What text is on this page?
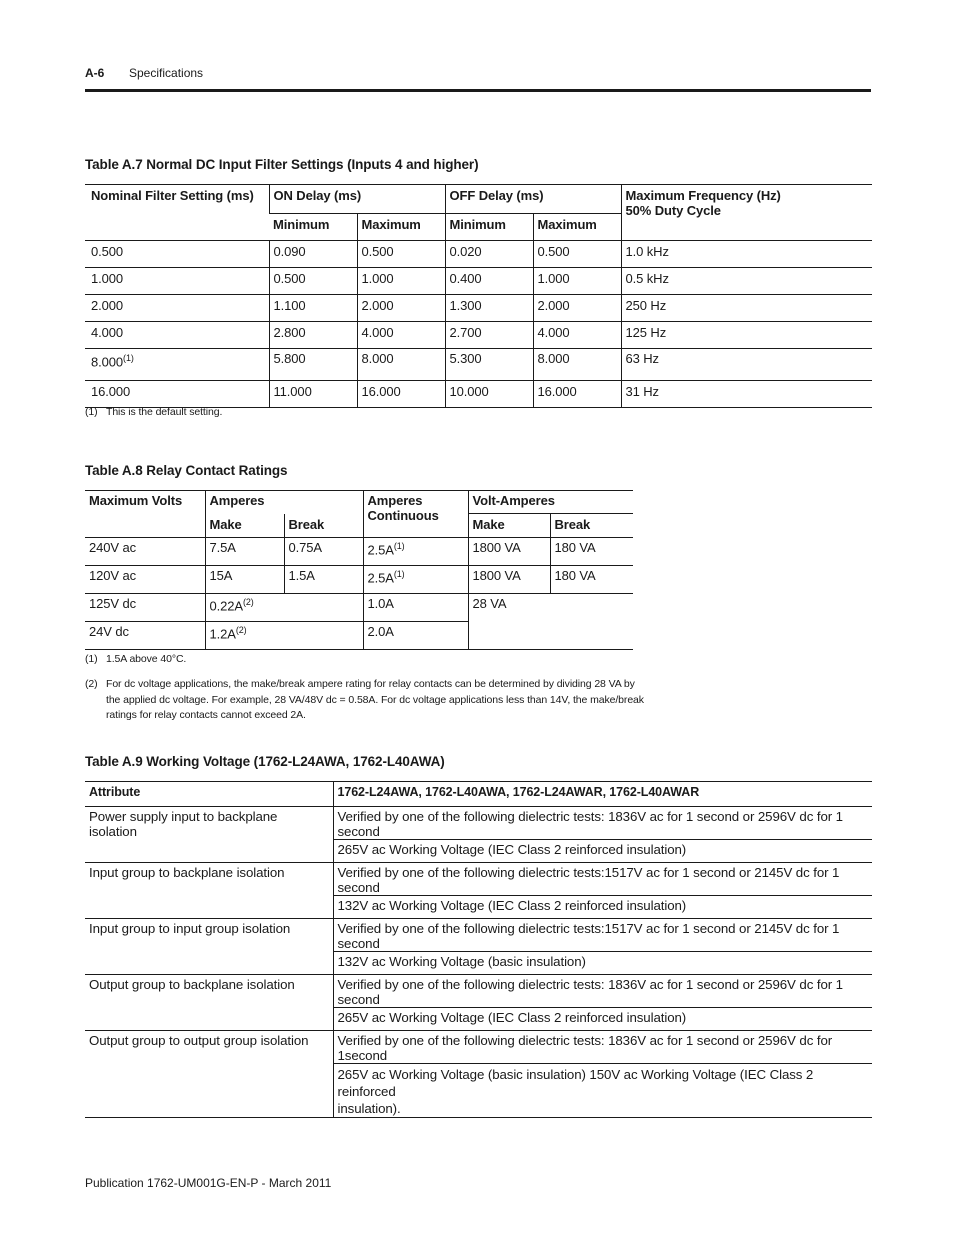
A-6 Specifications
Table A.7 Normal DC Input Filter Settings (Inputs 4 and higher)
Nominal Filter Setting (ms)	ON Delay (ms)		OFF Delay (ms)		Maximum Frequency (Hz)
50% Duty Cycle

	Minimum	Maximum	Minimum	Maximum	
0.500	0.090	0.500	0.020	0.500	1.0 kHz
1.000	0.500	1.000	0.400	1.000	0.5 kHz
2.000	1.100	2.000	1.300	2.000	250 Hz
4.000	2.800	4.000	2.700	4.000	125 Hz
8.000$^{(1)}$	5.800	8.000	5.300	8.000	63 Hz
16.000	11.000	16.000	10.000	16.000	31 Hz
(1) This is the default setting.
Table A.8 Relay Contact Ratings
Maximum Volts	Amperes		Amperes
Continuous	Volt-Amperes	
	Make	Break		Make	Break
240V ac	7.5A	0.75A	$2.5A^{(1)}$	1800 VA	180 VA
120V ac	15A	1.5A	$2.5A^{(1)}$	1800 VA	180 VA
125V dc	$0.22A^{(2)}$		1.0A	28 VA	
24V dc	$1.2A^{(2)}$		2.0A		
(1) 1.5A above 40°C.
(2) For dc voltage applications, the make/break ampere rating for relay contacts can be determined by dividing 28 VA by
the applied dc voltage. For example, 28 VA/48V dc = 0.58A. For dc voltage applications less than 14V, the make/break
ratings for relay contacts cannot exceed 2A.
Table A.9 Working Voltage (1762-L24AWA, 1762-L40AWA)
Attribute	1762-L24AWA, 1762-L40AWA, 1762-L24AWAR, 1762-L40AWAR
Power supply input to backplane isolation	Verified by one of the following dielectric tests: 1836V ac for 1 second or 2596V dc for 1 second
	265V ac Working Voltage (IEC Class 2 reinforced insulation)
Input group to backplane isolation	Verified by one of the following dielectric tests:1517V ac for 1 second or 2145V dc for 1 second
	132V ac Working Voltage (IEC Class 2 reinforced insulation)
Input group to input group isolation	Verified by one of the following dielectric tests:1517V ac for 1 second or 2145V dc for 1 second
	132V ac Working Voltage (basic insulation)
Output group to backplane isolation	Verified by one of the following dielectric tests: 1836V ac for 1 second or 2596V dc for 1 second
	265V ac Working Voltage (IEC Class 2 reinforced insulation)
Output group to output group isolation	Verified by one of the following dielectric tests: 1836V ac for 1 second or 2596V dc for 1second

	265V ac Working Voltage (basic insulation) 150V ac Working Voltage (IEC Class 2 reinforced
insulation).
Publication 1762-UM001G-EN-P - March 2011
